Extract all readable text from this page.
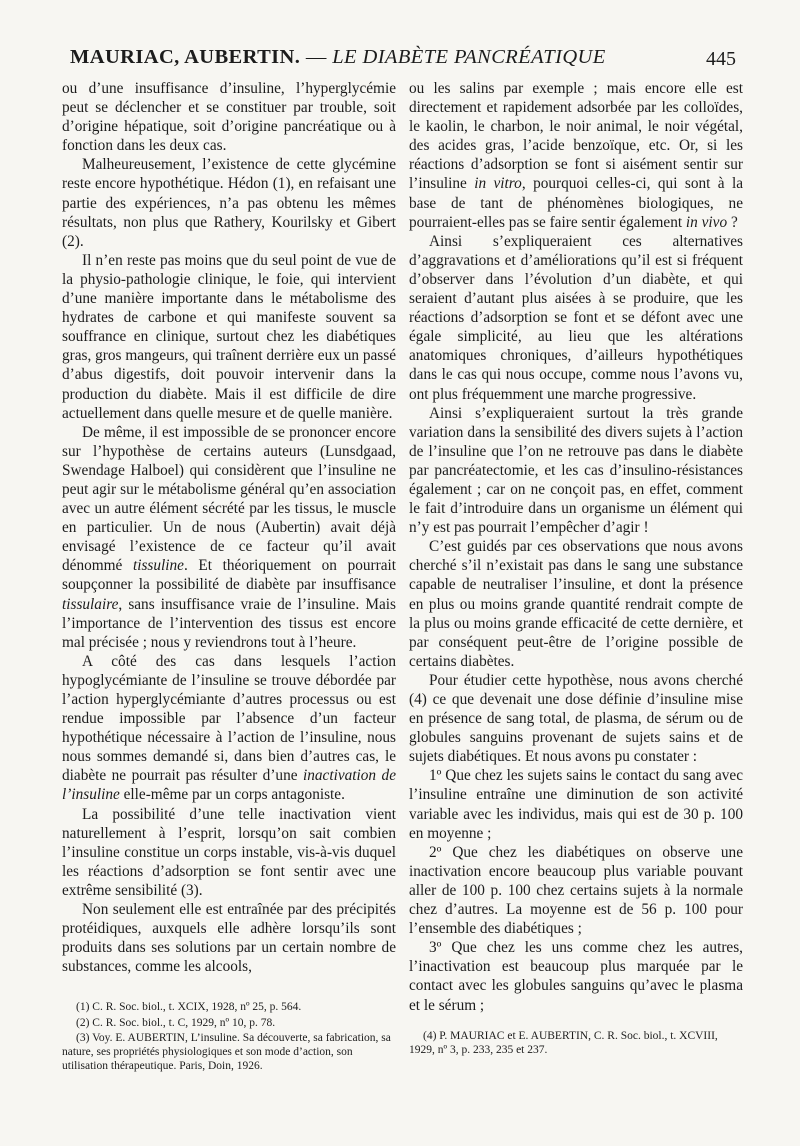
MAURIAC, AUBERTIN. — LE DIABÈTE PANCRÉATIQUE	445

ou d’une insuffisance d’insuline, l’hyperglycémie peut se déclencher et se constituer par trouble, soit d’origine hépatique, soit d’origine pancréatique ou à fonction dans les deux cas.

Malheureusement, l’existence de cette glycémine reste encore hypothétique. Hédon (1), en refaisant une partie des expériences, n’a pas obtenu les mêmes résultats, non plus que Rathery, Kourilsky et Gibert (2).

Il n’en reste pas moins que du seul point de vue de la physio-pathologie clinique, le foie, qui intervient d’une manière importante dans le métabolisme des hydrates de carbone et qui manifeste souvent sa souffrance en clinique, surtout chez les diabétiques gras, gros mangeurs, qui traînent derrière eux un passé d’abus digestifs, doit pouvoir intervenir dans la production du diabète. Mais il est difficile de dire actuellement dans quelle mesure et de quelle manière.

De même, il est impossible de se prononcer encore sur l’hypothèse de certains auteurs (Lunsdgaad, Swendage Halboel) qui considèrent que l’insuline ne peut agir sur le métabolisme général qu’en association avec un autre élément sécrété par les tissus, le muscle en particulier. Un de nous (Aubertin) avait déjà envisagé l’existence de ce facteur qu’il avait dénommé tissuline. Et théoriquement on pourrait soupçonner la possibilité de diabète par insuffisance tissulaire, sans insuffisance vraie de l’insuline. Mais l’importance de l’intervention des tissus est encore mal précisée ; nous y reviendrons tout à l’heure.

A côté des cas dans lesquels l’action hypoglycémiante de l’insuline se trouve débordée par l’action hyperglycémiante d’autres processus ou est rendue impossible par l’absence d’un facteur hypothétique nécessaire à l’action de l’insuline, nous nous sommes demandé si, dans bien d’autres cas, le diabète ne pourrait pas résulter d’une inactivation de l’insuline elle-même par un corps antagoniste.

La possibilité d’une telle inactivation vient naturellement à l’esprit, lorsqu’on sait combien l’insuline constitue un corps instable, vis-à-vis duquel les réactions d’adsorption se font sentir avec une extrême sensibilité (3).

Non seulement elle est entraînée par des précipités protéidiques, auxquels elle adhère lorsqu’ils sont produits dans ses solutions par un certain nombre de substances, comme les alcools,

(1) C. R. Soc. biol., t. XCIX, 1928, nº 25, p. 564.

(2) C. R. Soc. biol., t. C, 1929, nº 10, p. 78.

(3) Voy. E. AUBERTIN, L’insuline. Sa découverte, sa fabrication, sa nature, ses propriétés physiologiques et son mode d’action, son utilisation thérapeutique. Paris, Doin, 1926.

ou les salins par exemple ; mais encore elle est directement et rapidement adsorbée par les colloïdes, le kaolin, le charbon, le noir animal, le noir végétal, des acides gras, l’acide benzoïque, etc. Or, si les réactions d’adsorption se font si aisément sentir sur l’insuline in vitro, pourquoi celles-ci, qui sont à la base de tant de phénomènes biologiques, ne pourraient-elles pas se faire sentir également in vivo ?

Ainsi s’expliqueraient ces alternatives d’aggravations et d’améliorations qu’il est si fréquent d’observer dans l’évolution d’un diabète, et qui seraient d’autant plus aisées à se produire, que les réactions d’adsorption se font et se défont avec une égale simplicité, au lieu que les altérations anatomiques chroniques, d’ailleurs hypothétiques dans le cas qui nous occupe, comme nous l’avons vu, ont plus fréquemment une marche progressive.

Ainsi s’expliqueraient surtout la très grande variation dans la sensibilité des divers sujets à l’action de l’insuline que l’on ne retrouve pas dans le diabète par pancréatectomie, et les cas d’insulino-résistances également ; car on ne conçoit pas, en effet, comment le fait d’introduire dans un organisme un élément qui n’y est pas pourrait l’empêcher d’agir !

C’est guidés par ces observations que nous avons cherché s’il n’existait pas dans le sang une substance capable de neutraliser l’insuline, et dont la présence en plus ou moins grande quantité rendrait compte de la plus ou moins grande efficacité de cette dernière, et par conséquent peut-être de l’origine possible de certains diabètes.

Pour étudier cette hypothèse, nous avons cherché (4) ce que devenait une dose définie d’insuline mise en présence de sang total, de plasma, de sérum ou de globules sanguins provenant de sujets sains et de sujets diabétiques. Et nous avons pu constater :

1º Que chez les sujets sains le contact du sang avec l’insuline entraîne une diminution de son activité variable avec les individus, mais qui est de 30 p. 100 en moyenne ;

2º Que chez les diabétiques on observe une inactivation encore beaucoup plus variable pouvant aller de 100 p. 100 chez certains sujets à la normale chez d’autres. La moyenne est de 56 p. 100 pour l’ensemble des diabétiques ;

3º Que chez les uns comme chez les autres, l’inactivation est beaucoup plus marquée par le contact avec les globules sanguins qu’avec le plasma et le sérum ;

(4) P. MAURIAC et E. AUBERTIN, C. R. Soc. biol., t. XCVIII, 1929, nº 3, p. 233, 235 et 237.
